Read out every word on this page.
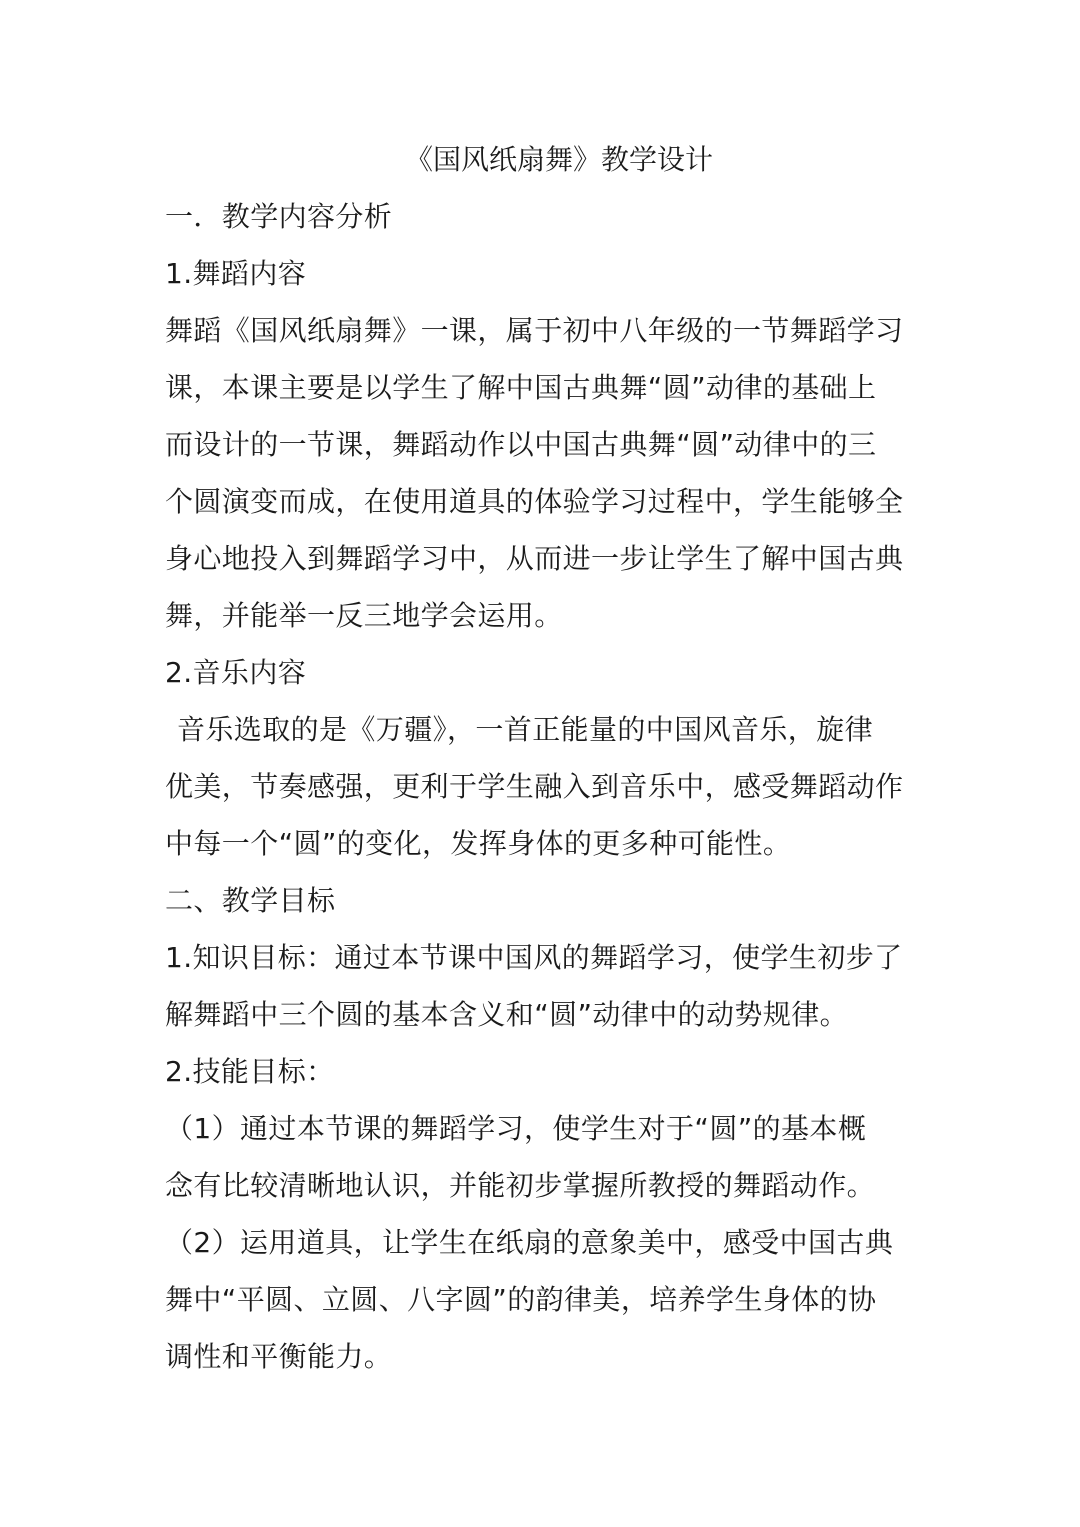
《国风纸扇舞》教学设计

一．教学内容分析

1.舞蹈内容

舞蹈《国风纸扇舞》一课，属于初中八年级的一节舞蹈学习

课，本课主要是以学生了解中国古典舞“圆”动律的基础上

而设计的一节课，舞蹈动作以中国古典舞“圆”动律中的三

个圆演变而成，在使用道具的体验学习过程中，学生能够全

身心地投入到舞蹈学习中，从而进一步让学生了解中国古典

舞，并能举一反三地学会运用。

2.音乐内容

音乐选取的是《万疆》，一首正能量的中国风音乐，旋律

优美，节奏感强，更利于学生融入到音乐中，感受舞蹈动作

中每一个“圆”的变化，发挥身体的更多种可能性。

二、教学目标

1.知识目标：通过本节课中国风的舞蹈学习，使学生初步了

解舞蹈中三个圆的基本含义和“圆”动律中的动势规律。

2.技能目标：

（1）通过本节课的舞蹈学习，使学生对于“圆”的基本概

念有比较清晰地认识，并能初步掌握所教授的舞蹈动作。

（2）运用道具，让学生在纸扇的意象美中，感受中国古典

舞中“平圆、立圆、八字圆”的韵律美，培养学生身体的协

调性和平衡能力。
